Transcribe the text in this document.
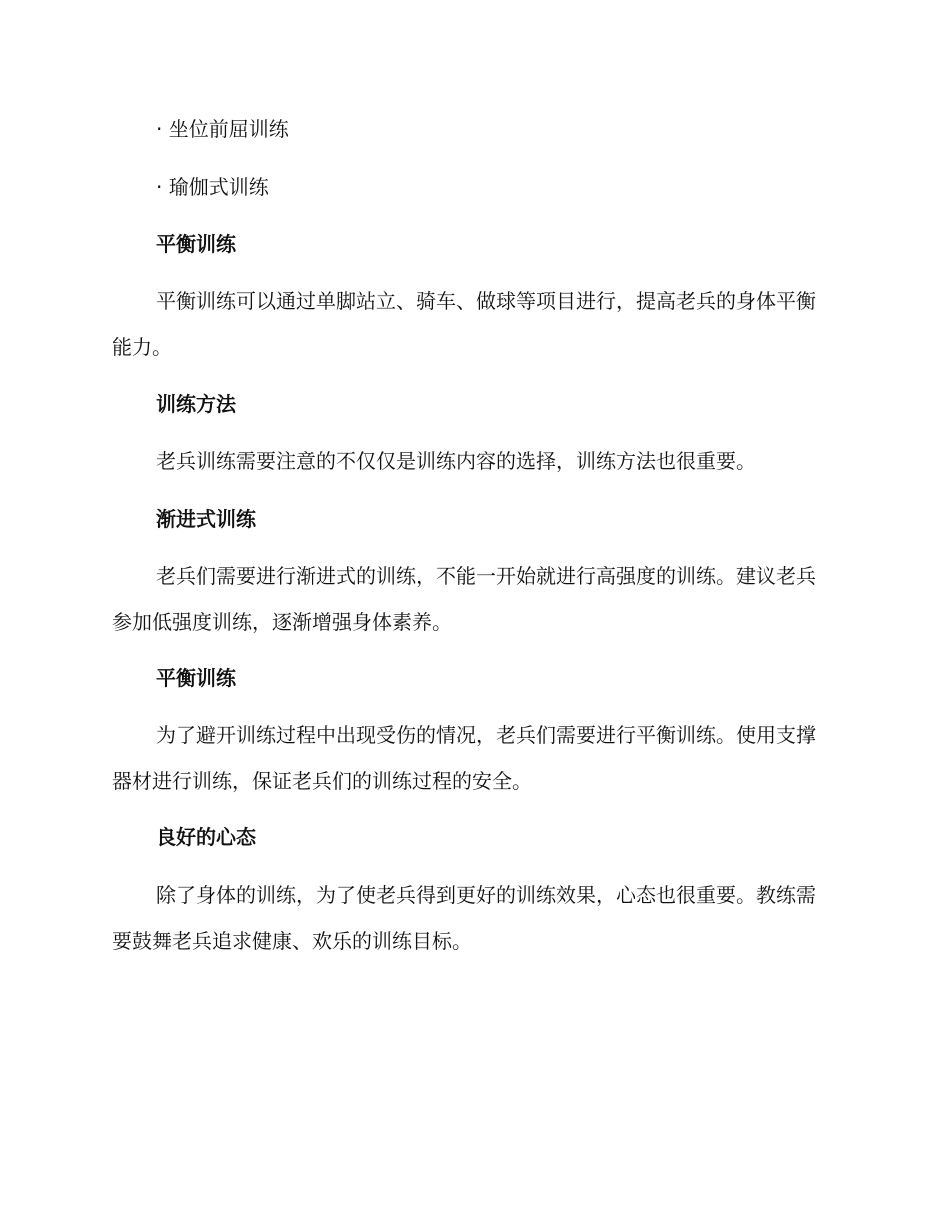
· 坐位前屈训练
· 瑜伽式训练
平衡训练
平衡训练可以通过单脚站立、骑车、做球等项目进行，提高老兵的身体平衡能力。
训练方法
老兵训练需要注意的不仅仅是训练内容的选择，训练方法也很重要。
渐进式训练
老兵们需要进行渐进式的训练，不能一开始就进行高强度的训练。建议老兵参加低强度训练，逐渐增强身体素养。
平衡训练
为了避开训练过程中出现受伤的情况，老兵们需要进行平衡训练。使用支撑器材进行训练，保证老兵们的训练过程的安全。
良好的心态
除了身体的训练，为了使老兵得到更好的训练效果，心态也很重要。教练需要鼓舞老兵追求健康、欢乐的训练目标。
